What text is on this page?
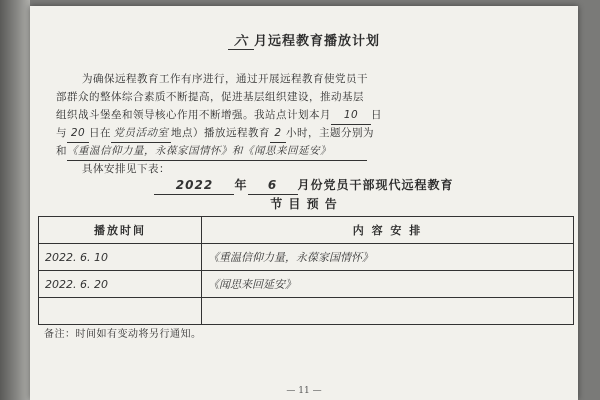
六 月远程教育播放计划
为确保远程教育工作有序进行，通过开展远程教育使党员干
部群众的整体综合素质不断提高，促进基层组织建设，推动基层
组织战斗堡垒和领导核心作用不断增强。我站点计划本月 10 日
与 20 日在 党员活动室 地点）播放远程教育 2 小时，主题分别为
和《重温信仰力量，永葆家国情怀》和《闻思来回延安》
具体安排见下表：
2022 年 6 月份党员干部现代远程教育
节 目 预 告
播放时间	内 容 安 排
2022. 6. 10	《重温信仰力量，永葆家国情怀》
2022. 6. 20	《闻思来回延安》

备注：时间如有变动将另行通知。
— 11 —
